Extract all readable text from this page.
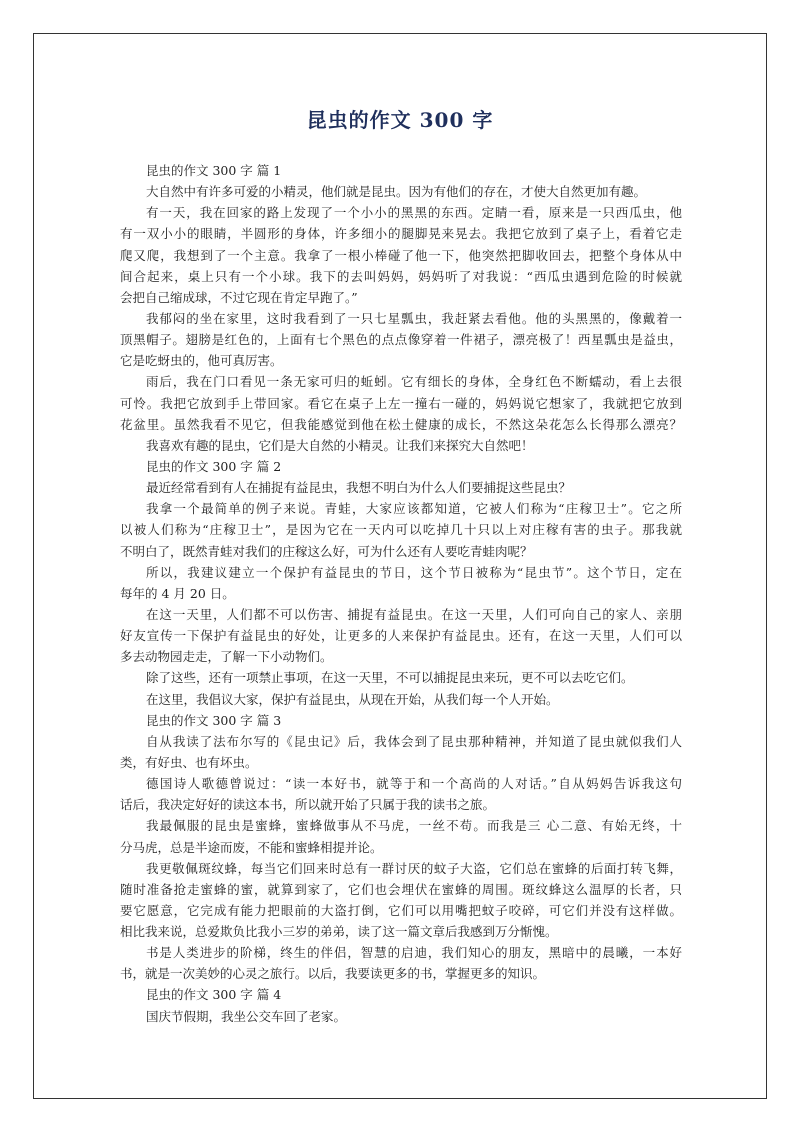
昆虫的作文 300 字
昆虫的作文 300 字 篇 1
大自然中有许多可爱的小精灵，他们就是昆虫。因为有他们的存在，才使大自然更加有趣。
有一天，我在回家的路上发现了一个小小的黑黑的东西。定睛一看，原来是一只西瓜虫，他
有一双小小的眼睛，半圆形的身体，许多细小的腿脚晃来晃去。我把它放到了桌子上，看着它走
爬又爬，我想到了一个主意。我拿了一根小棒碰了他一下，他突然把脚收回去，把整个身体从中
间合起来，桌上只有一个小球。我下的去叫妈妈，妈妈听了对我说：“西瓜虫遇到危险的时候就
会把自己缩成球，不过它现在肯定早跑了。”
我郁闷的坐在家里，这时我看到了一只七星瓢虫，我赶紧去看他。他的头黑黑的，像戴着一
顶黑帽子。翅膀是红色的，上面有七个黑色的点点像穿着一件裙子，漂亮极了！西星瓢虫是益虫，
它是吃蚜虫的，他可真厉害。
雨后，我在门口看见一条无家可归的蚯蚓。它有细长的身体，全身红色不断蠕动，看上去很
可怜。我把它放到手上带回家。看它在桌子上左一撞右一碰的，妈妈说它想家了，我就把它放到
花盆里。虽然我看不见它，但我能感觉到他在松土健康的成长，不然这朵花怎么长得那么漂亮？
我喜欢有趣的昆虫，它们是大自然的小精灵。让我们来探究大自然吧！
昆虫的作文 300 字 篇 2
最近经常看到有人在捕捉有益昆虫，我想不明白为什么人们要捕捉这些昆虫？
我拿一个最简单的例子来说。青蛙，大家应该都知道，它被人们称为“庄稼卫士”。它之所
以被人们称为“庄稼卫士”，是因为它在一天内可以吃掉几十只以上对庄稼有害的虫子。那我就
不明白了，既然青蛙对我们的庄稼这么好，可为什么还有人要吃青蛙肉呢？
所以，我建议建立一个保护有益昆虫的节日，这个节日被称为“昆虫节”。这个节日，定在
每年的 4 月 20 日。
在这一天里，人们都不可以伤害、捕捉有益昆虫。在这一天里，人们可向自己的家人、亲朋
好友宣传一下保护有益昆虫的好处，让更多的人来保护有益昆虫。还有，在这一天里，人们可以
多去动物园走走，了解一下小动物们。
除了这些，还有一项禁止事项，在这一天里，不可以捕捉昆虫来玩，更不可以去吃它们。
在这里，我倡议大家，保护有益昆虫，从现在开始，从我们每一个人开始。
昆虫的作文 300 字 篇 3
自从我读了法布尔写的《昆虫记》后，我体会到了昆虫那种精神，并知道了昆虫就似我们人
类，有好虫、也有坏虫。
德国诗人歌德曾说过：“读一本好书，就等于和一个高尚的人对话。”自从妈妈告诉我这句
话后，我决定好好的读这本书，所以就开始了只属于我的读书之旅。
我最佩服的昆虫是蜜蜂，蜜蜂做事从不马虎，一丝不苟。而我是三 心二意、有始无终，十
分马虎，总是半途而废，不能和蜜蜂相提并论。
我更敬佩斑纹蜂，每当它们回来时总有一群讨厌的蚊子大盗，它们总在蜜蜂的后面打转飞舞，
随时准备抢走蜜蜂的蜜，就算到家了，它们也会埋伏在蜜蜂的周围。斑纹蜂这么温厚的长者，只
要它愿意，它完成有能力把眼前的大盗打倒，它们可以用嘴把蚊子咬碎，可它们并没有这样做。
相比我来说，总爱欺负比我小三岁的弟弟，读了这一篇文章后我感到万分惭愧。
书是人类进步的阶梯，终生的伴侣，智慧的启迪，我们知心的朋友，黑暗中的晨曦，一本好
书，就是一次美妙的心灵之旅行。以后，我要读更多的书，掌握更多的知识。
昆虫的作文 300 字 篇 4
国庆节假期，我坐公交车回了老家。
